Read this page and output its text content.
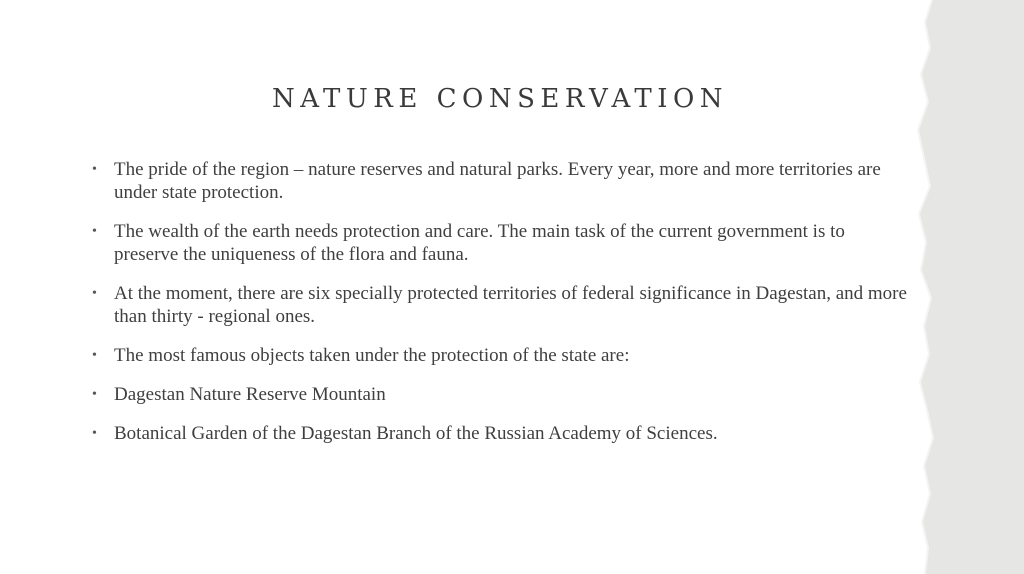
NATURE CONSERVATION
• The pride of the region – nature reserves and natural parks. Every year, more and more territories are under state protection.
• The wealth of the earth needs protection and care. The main task of the current government is to preserve the uniqueness of the flora and fauna.
• At the moment, there are six specially protected territories of federal significance in Dagestan, and more than thirty - regional ones.
• The most famous objects taken under the protection of the state are:
• Dagestan Nature Reserve Mountain
• Botanical Garden of the Dagestan Branch of the Russian Academy of Sciences.
